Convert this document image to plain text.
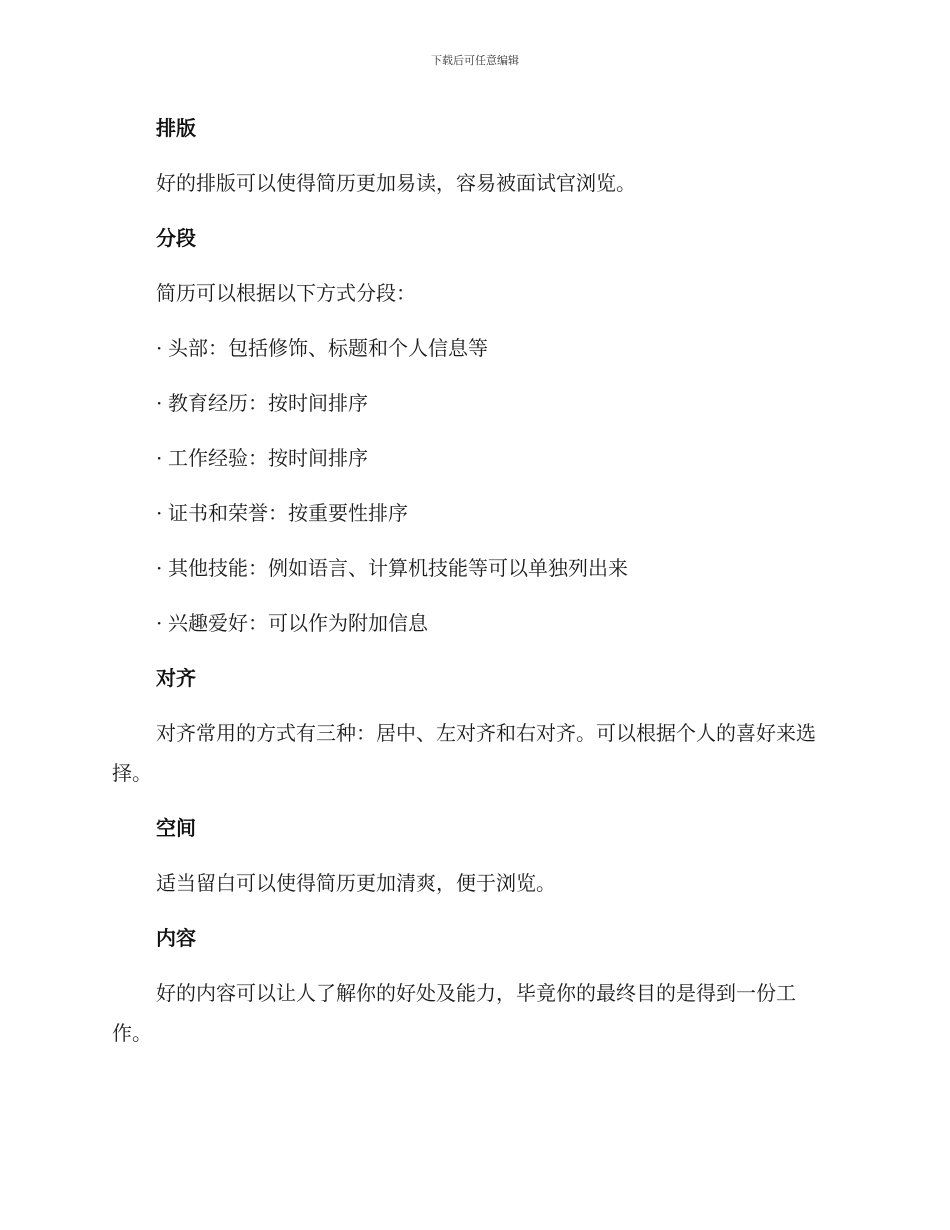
下载后可任意编辑
排版

好的排版可以使得简历更加易读，容易被面试官浏览。

分段

简历可以根据以下方式分段：

· 头部：包括修饰、标题和个人信息等
· 教育经历：按时间排序
· 工作经验：按时间排序
· 证书和荣誉：按重要性排序
· 其他技能：例如语言、计算机技能等可以单独列出来
· 兴趣爱好：可以作为附加信息
对齐

对齐常用的方式有三种：居中、左对齐和右对齐。可以根据个人的喜好来选择。

空间

适当留白可以使得简历更加清爽，便于浏览。

内容

好的内容可以让人了解你的好处及能力，毕竟你的最终目的是得到一份工作。
